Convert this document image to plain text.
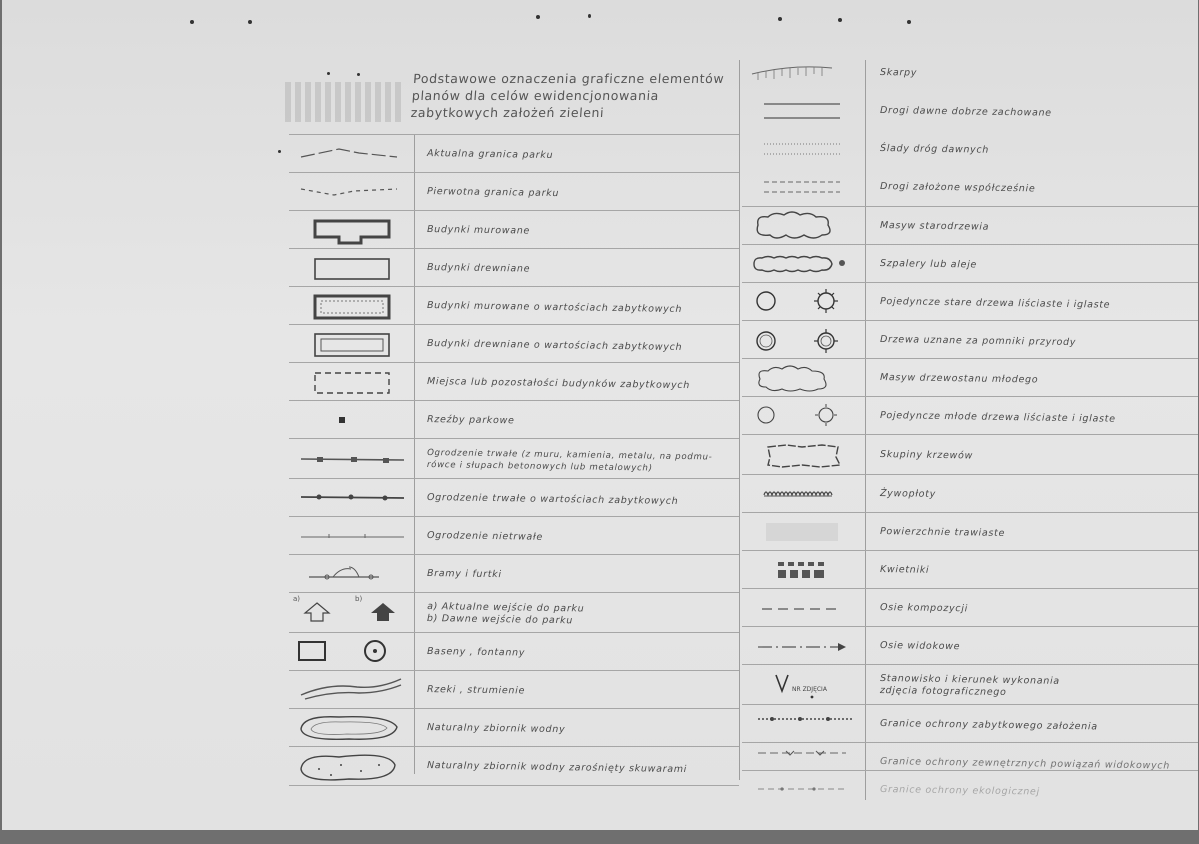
Podstawowe oznaczenia graficzne elementów
planów dla celów ewidencjonowania
zabytkowych założeń zieleni
Aktualna granica parku
Pierwotna granica parku
Budynki murowane
Budynki drewniane
Budynki murowane o wartościach zabytkowych
Budynki drewniane o wartościach zabytkowych
Miejsca lub pozostałości budynków zabytkowych
Rzeźby parkowe
Ogrodzenie trwałe (z muru, kamienia, metalu, na podmu-
rówce i słupach betonowych lub metalowych)
Ogrodzenie trwałe o wartościach zabytkowych
Ogrodzenie nietrwałe
Bramy i furtki
a)	b)
a) Aktualne wejście do parku
b) Dawne wejście do parku
Baseny , fontanny
Rzeki , strumienie
Naturalny zbiornik wodny
Naturalny zbiornik wodny zarośnięty skuwarami
Skarpy
Drogi dawne dobrze zachowane
Ślady dróg dawnych
Drogi założone współcześnie
Masyw starodrzewia
Szpalery lub aleje
Pojedyncze stare drzewa liściaste i iglaste
Drzewa uznane za pomniki przyrody
Masyw drzewostanu młodego
Pojedyncze młode drzewa liściaste i iglaste
Skupiny krzewów
Żywopłoty
Powierzchnie trawiaste
Kwietniki
Osie kompozycji
Osie widokowe
NR ZDJĘCIA
Stanowisko i kierunek wykonania
zdjęcia fotograficznego
Granice ochrony zabytkowego założenia
Granice ochrony zewnętrznych powiązań widokowych
Granice ochrony ekologicznej
